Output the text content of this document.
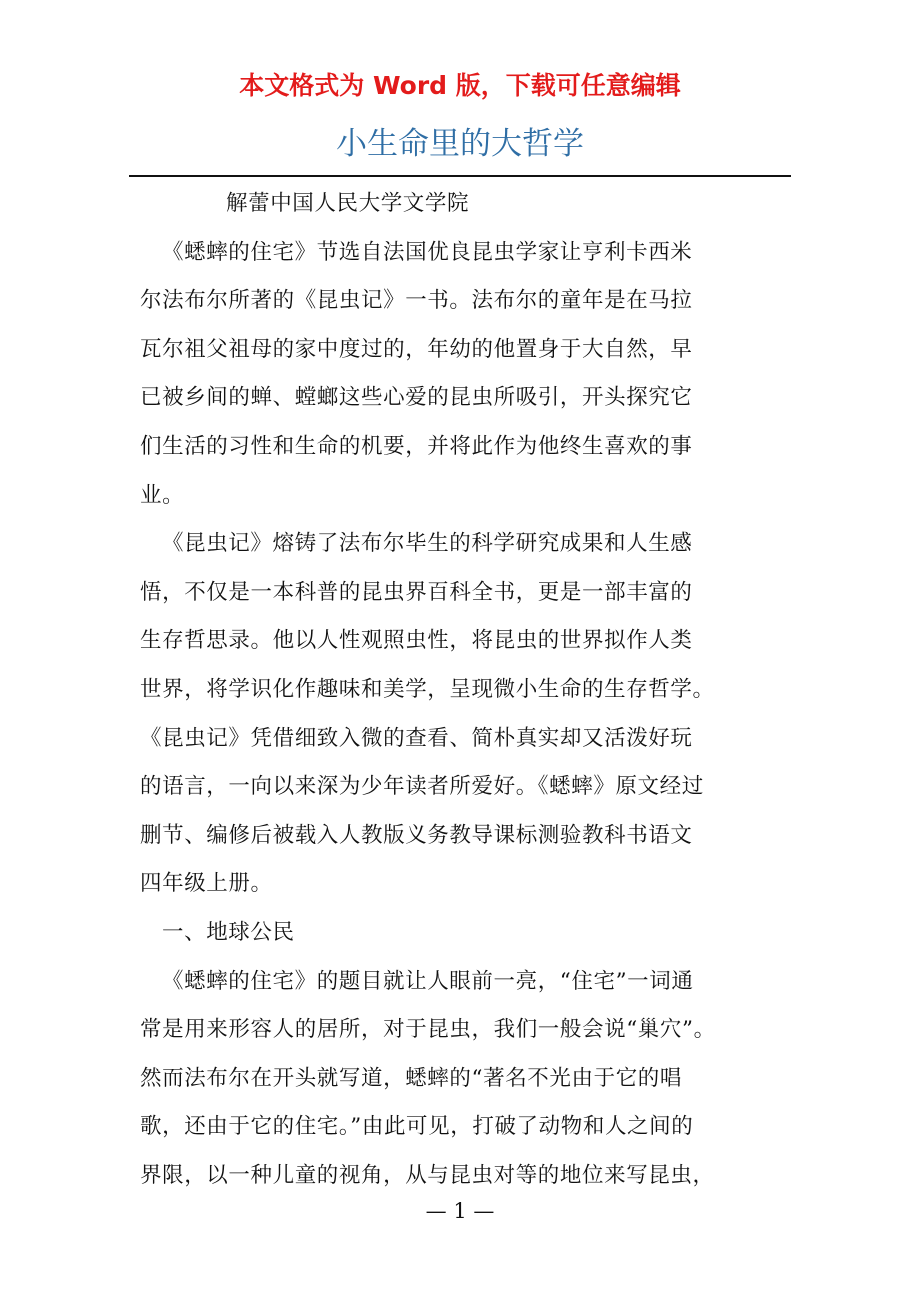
本文格式为 Word 版，下载可任意编辑
小生命里的大哲学
解蕾中国人民大学文学院
《蟋蟀的住宅》节选自法国优良昆虫学家让亨利卡西米
尔法布尔所著的《昆虫记》一书。法布尔的童年是在马拉
瓦尔祖父祖母的家中度过的，年幼的他置身于大自然，早
已被乡间的蝉、螳螂这些心爱的昆虫所吸引，开头探究它
们生活的习性和生命的机要，并将此作为他终生喜欢的事
业。
《昆虫记》熔铸了法布尔毕生的科学研究成果和人生感
悟，不仅是一本科普的昆虫界百科全书，更是一部丰富的
生存哲思录。他以人性观照虫性，将昆虫的世界拟作人类
世界，将学识化作趣味和美学，呈现微小生命的生存哲学。
《昆虫记》凭借细致入微的查看、简朴真实却又活泼好玩
的语言，一向以来深为少年读者所爱好。《蟋蟀》原文经过
删节、编修后被载入人教版义务教导课标测验教科书语文
四年级上册。
一、地球公民
《蟋蟀的住宅》的题目就让人眼前一亮，“住宅”一词通
常是用来形容人的居所，对于昆虫，我们一般会说“巢穴”。
然而法布尔在开头就写道，蟋蟀的“著名不光由于它的唱
歌，还由于它的住宅。”由此可见，打破了动物和人之间的
界限，以一种儿童的视角，从与昆虫对等的地位来写昆虫，
— 1 —
